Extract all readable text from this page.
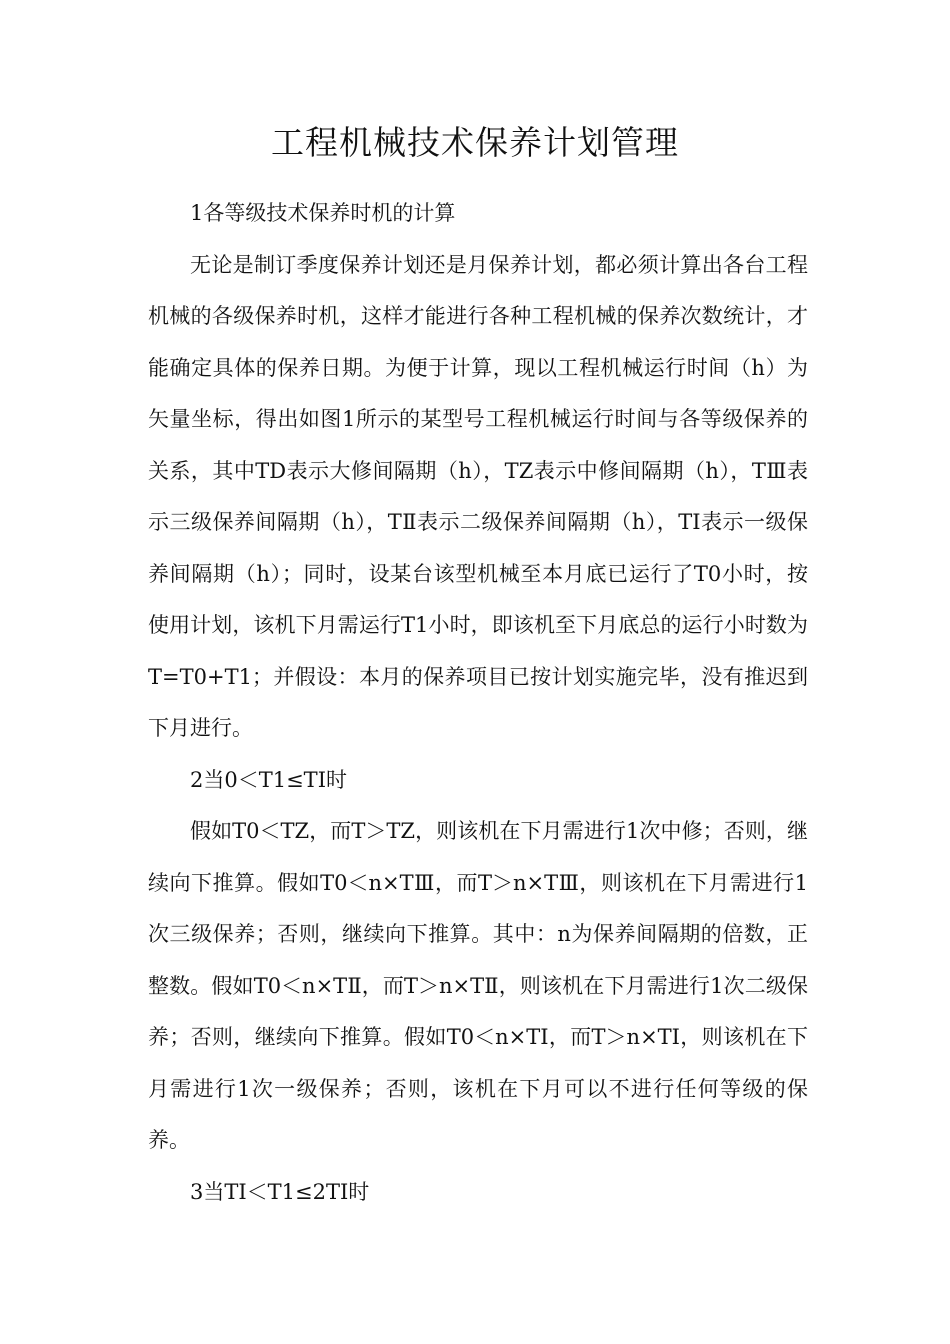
工程机械技术保养计划管理

1各等级技术保养时机的计算

无论是制订季度保养计划还是月保养计划，都必须计算出各台工程机械的各级保养时机，这样才能进行各种工程机械的保养次数统计，才能确定具体的保养日期。为便于计算，现以工程机械运行时间（h）为矢量坐标，得出如图1所示的某型号工程机械运行时间与各等级保养的关系，其中TD表示大修间隔期（h），TZ表示中修间隔期（h），TⅢ表示三级保养间隔期（h），TⅡ表示二级保养间隔期（h），TI表示一级保养间隔期（h）；同时，设某台该型机械至本月底已运行了T0小时，按使用计划，该机下月需运行T1小时，即该机至下月底总的运行小时数为T=T0+T1；并假设：本月的保养项目已按计划实施完毕，没有推迟到下月进行。

2当0＜T1≤TI时

假如T0＜TZ，而T＞TZ，则该机在下月需进行1次中修；否则，继续向下推算。假如T0＜n×TⅢ，而T＞n×TⅢ，则该机在下月需进行1次三级保养；否则，继续向下推算。其中：n为保养间隔期的倍数，正整数。假如T0＜n×TⅡ，而T＞n×TⅡ，则该机在下月需进行1次二级保养；否则，继续向下推算。假如T0＜n×TI，而T＞n×TI，则该机在下月需进行1次一级保养；否则，该机在下月可以不进行任何等级的保养。

3当TI＜T1≤2TI时
